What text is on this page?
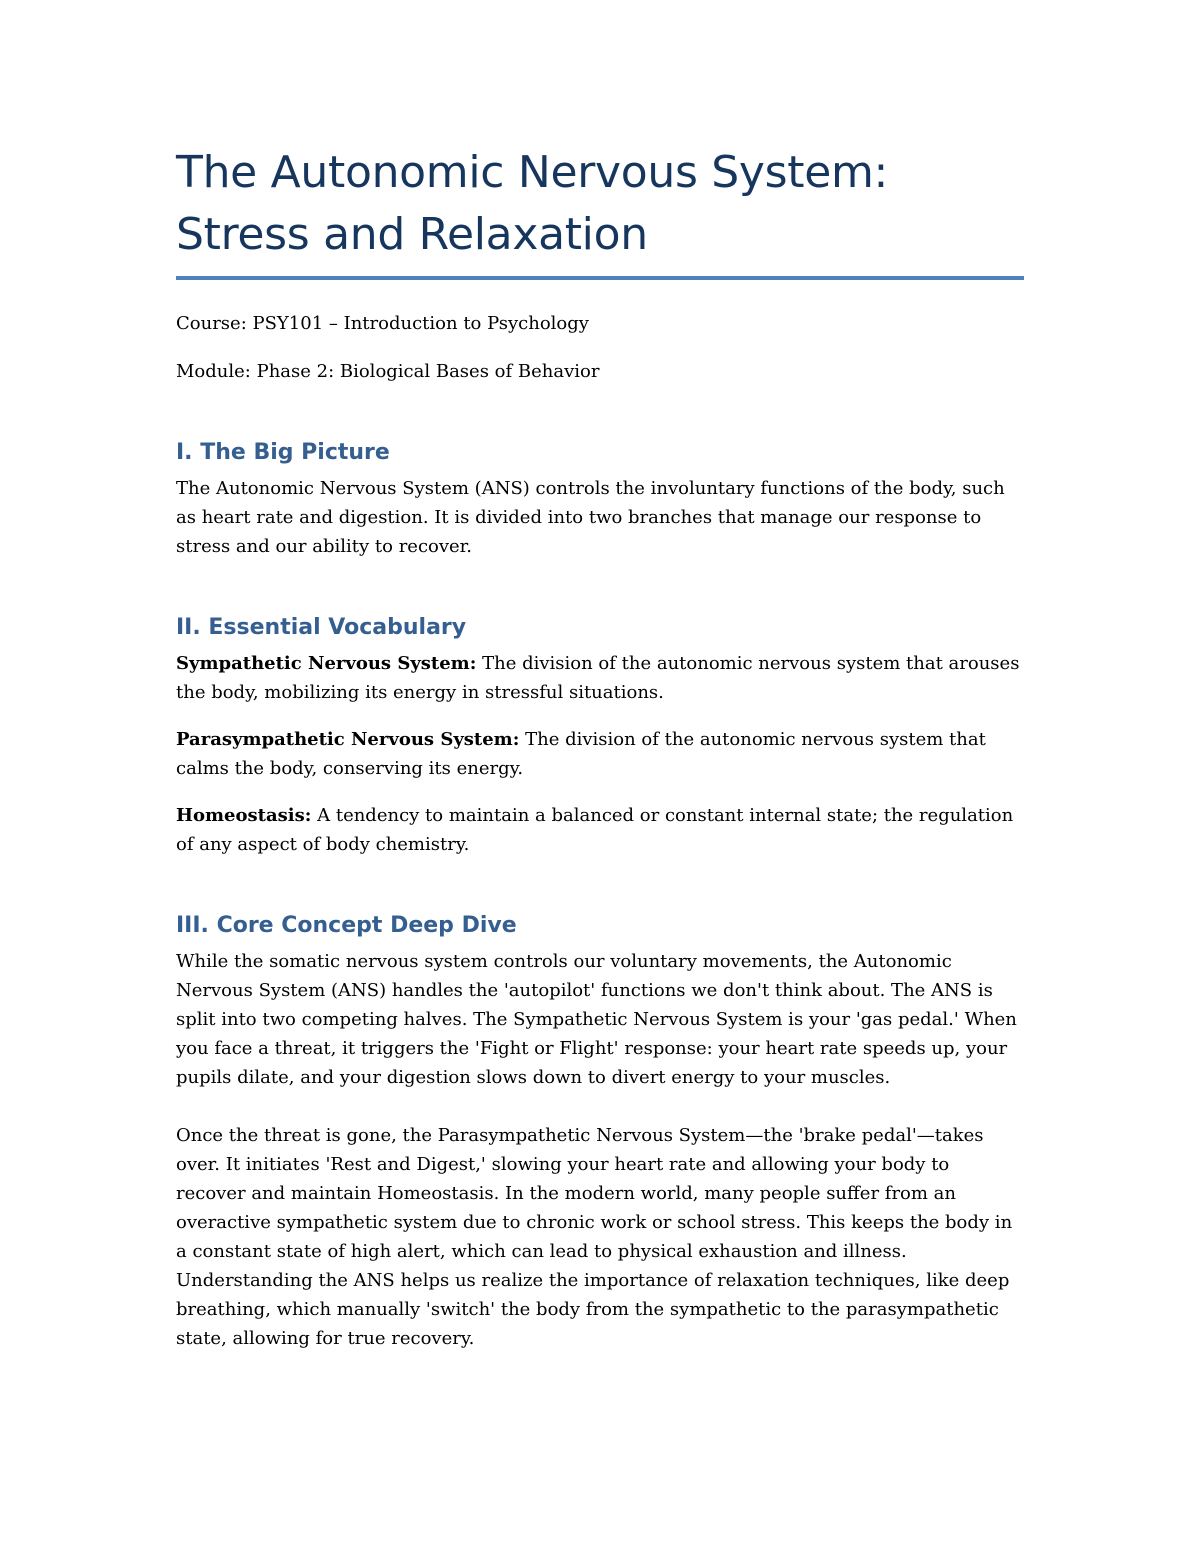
The Autonomic Nervous System: Stress and Relaxation

Course: PSY101 – Introduction to Psychology

Module: Phase 2: Biological Bases of Behavior

I. The Big Picture

The Autonomic Nervous System (ANS) controls the involuntary functions of the body, such as heart rate and digestion. It is divided into two branches that manage our response to stress and our ability to recover.

II. Essential Vocabulary

Sympathetic Nervous System: The division of the autonomic nervous system that arouses the body, mobilizing its energy in stressful situations.

Parasympathetic Nervous System: The division of the autonomic nervous system that calms the body, conserving its energy.

Homeostasis: A tendency to maintain a balanced or constant internal state; the regulation of any aspect of body chemistry.

III. Core Concept Deep Dive

While the somatic nervous system controls our voluntary movements, the Autonomic Nervous System (ANS) handles the 'autopilot' functions we don't think about. The ANS is split into two competing halves. The Sympathetic Nervous System is your 'gas pedal.' When you face a threat, it triggers the 'Fight or Flight' response: your heart rate speeds up, your pupils dilate, and your digestion slows down to divert energy to your muscles.

Once the threat is gone, the Parasympathetic Nervous System—the 'brake pedal'—takes over. It initiates 'Rest and Digest,' slowing your heart rate and allowing your body to recover and maintain Homeostasis. In the modern world, many people suffer from an overactive sympathetic system due to chronic work or school stress. This keeps the body in a constant state of high alert, which can lead to physical exhaustion and illness. Understanding the ANS helps us realize the importance of relaxation techniques, like deep breathing, which manually 'switch' the body from the sympathetic to the parasympathetic state, allowing for true recovery.
